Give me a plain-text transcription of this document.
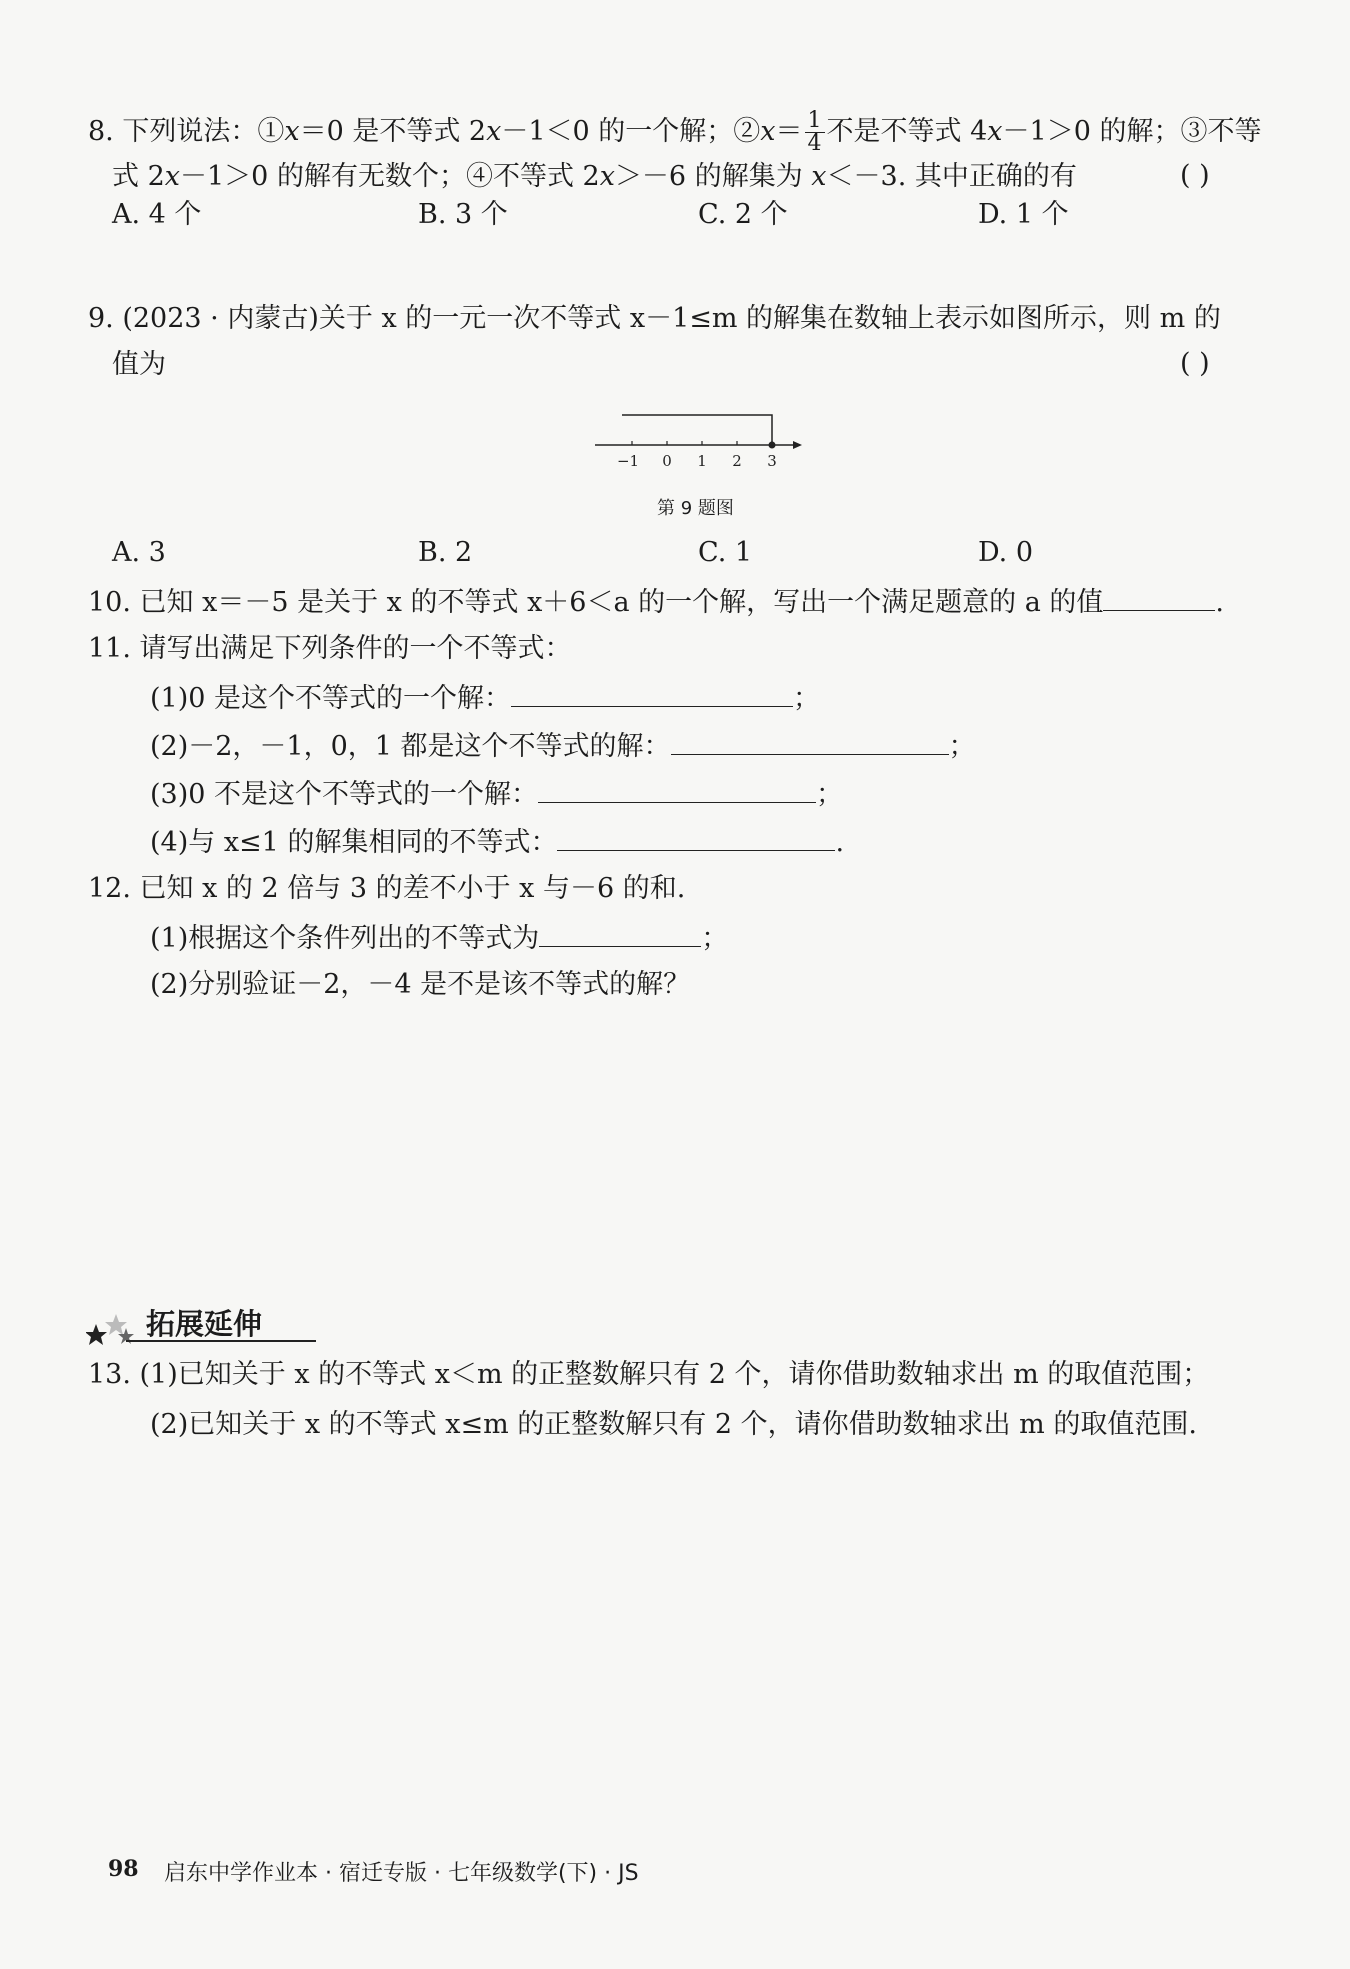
8. 下列说法：①x＝0 是不等式 2x－1＜0 的一个解；②x＝ $\frac{1}{4}$ 不是不等式 4x－1＞0 的解；③不等
式 2x－1＞0 的解有无数个；④不等式 2x＞－6 的解集为 x＜－3. 其中正确的有	( )
A. 4 个	B. 3 个	C. 2 个	D. 1 个
9. (2023 · 内蒙古)关于 x 的一元一次不等式 x－1≤m 的解集在数轴上表示如图所示，则 m 的
值为	( )
−1 0 1 2 3
第 9 题图
A. 3	B. 2	C. 1	D. 0
10. 已知 x＝－5 是关于 x 的不等式 x＋6＜a 的一个解，写出一个满足题意的 a 的值	.
11. 请写出满足下列条件的一个不等式：
(1)0 是这个不等式的一个解：	；
(2)－2，－1，0，1 都是这个不等式的解：	；
(3)0 不是这个不等式的一个解：	；
(4)与 x≤1 的解集相同的不等式：	.
12. 已知 x 的 2 倍与 3 的差不小于 x 与－6 的和.
(1)根据这个条件列出的不等式为	；
(2)分别验证－2，－4 是不是该不等式的解？
拓展延伸
13. (1)已知关于 x 的不等式 x＜m 的正整数解只有 2 个，请你借助数轴求出 m 的取值范围；
(2)已知关于 x 的不等式 x≤m 的正整数解只有 2 个，请你借助数轴求出 m 的取值范围.
98 启东中学作业本 · 宿迁专版 · 七年级数学(下) · JS
